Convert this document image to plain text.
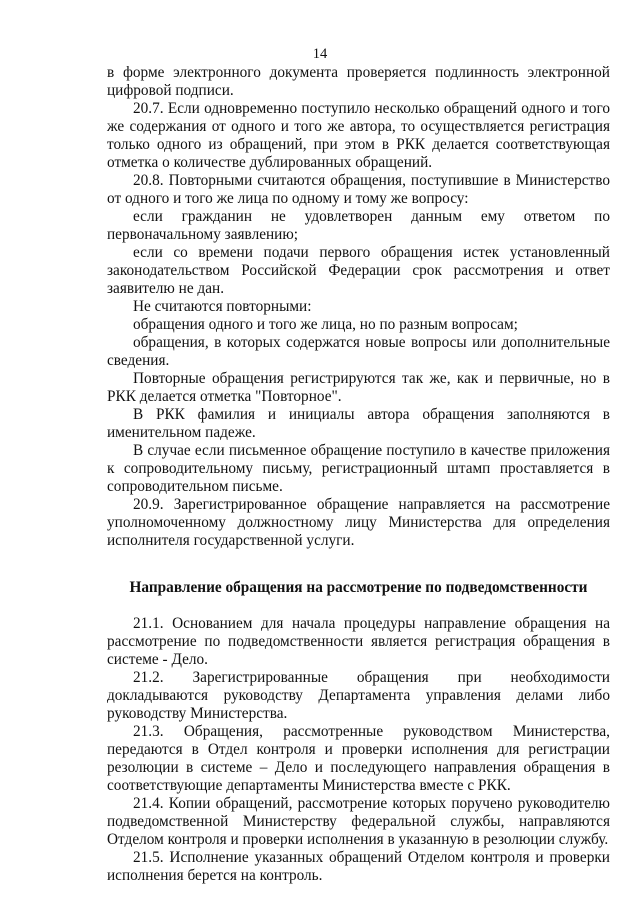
14

в форме электронного документа проверяется подлинность электронной цифровой подписи.

20.7. Если одновременно поступило несколько обращений одного и того же содержания от одного и того же автора, то осуществляется регистрация только одного из обращений, при этом в РКК делается соответствующая отметка о количестве дублированных обращений.

20.8. Повторными считаются обращения, поступившие в Министерство от одного и того же лица по одному и тому же вопросу:

если гражданин не удовлетворен данным ему ответом по первоначальному заявлению;

если со времени подачи первого обращения истек установленный законодательством Российской Федерации срок рассмотрения и ответ заявителю не дан.

Не считаются повторными:

обращения одного и того же лица, но по разным вопросам;

обращения, в которых содержатся новые вопросы или дополнительные сведения.

Повторные обращения регистрируются так же, как и первичные, но в РКК делается отметка "Повторное".

В РКК фамилия и инициалы автора обращения заполняются в именительном падеже.

В случае если письменное обращение поступило в качестве приложения к сопроводительному письму, регистрационный штамп проставляется в сопроводительном письме.

20.9. Зарегистрированное обращение направляется на рассмотрение уполномоченному должностному лицу Министерства для определения исполнителя государственной услуги.

Направление обращения на рассмотрение по подведомственности

21.1. Основанием для начала процедуры направление обращения на рассмотрение по подведомственности является регистрация обращения в системе - Дело.

21.2. Зарегистрированные обращения при необходимости докладываются руководству Департамента управления делами либо руководству Министерства.

21.3. Обращения, рассмотренные руководством Министерства, передаются в Отдел контроля и проверки исполнения для регистрации резолюции в системе – Дело и последующего направления обращения в соответствующие департаменты Министерства вместе с РКК.

21.4. Копии обращений, рассмотрение которых поручено руководителю подведомственной Министерству федеральной службы, направляются Отделом контроля и проверки исполнения в указанную в резолюции службу.

21.5. Исполнение указанных обращений Отделом контроля и проверки исполнения берется на контроль.
